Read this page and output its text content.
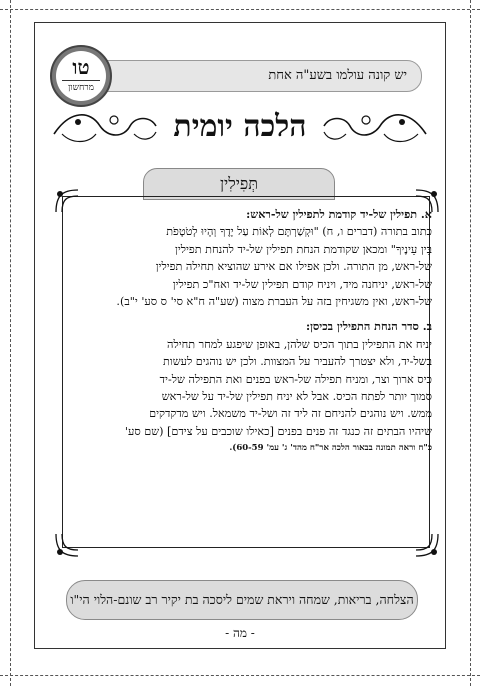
יש קונה עולמו בשע"ה אחת
טו
מרחשון
הלכה יומית
תְּפִילִין

א. תפילין של-יד קודמת לתפילין של-ראש:

כתוב בתורה (דברים ו, ח) "וּקְשַׁרְתָּם לְאוֹת עַל יָדֶךָ וְהָיוּ לְטֹטָפֹת

בֵּין עֵינֶיךָ" ומכאן שקודמת הנחת תפילין של-יד להנחת תפילין

של-ראש, מן התורה. ולכן אפילו אם אירע שהוציא תחילה תפילין

של-ראש, יניחנה מיד, ויניח קודם תפילין של-יד ואח"כ תפילין

של-ראש, ואין משגיחין בזה על העברת מצוה (שע"ה ח"א סי' ס סע' י"ב).

ב. סדר הנחת התפילין בכיסן:

יניח את התפילין בתוך הכיס שלהן, באופן שיפגע למחר תחילה

בשל-יד, ולא יצטרך להעביר על המצוות. ולכן יש נוהגים לעשות

כיס ארוך וצר, ומניח תפילה של-ראש בפנים ואת התפילה של-יד

סמוך יותר לפתח הכיס. אבל לא יניח תפילין של-יד על של-ראש

ממש. ויש נוהגים להניחם זה ליד זה ושל-יד משמאל. ויש מדקדקים

שיהיו הבתים זה כנגד זה פנים בפנים [כאילו שוכבים על צידם] (שם סע'

כ"ח וראה תמונה בבאור הלכה אר"ח מהד' ג' עמ' 60-59).

הצלחה, בריאות, שמחה ויראת שמים ליסכה בת יקיר רב שונם-הלוי הי"ו
- מה -
